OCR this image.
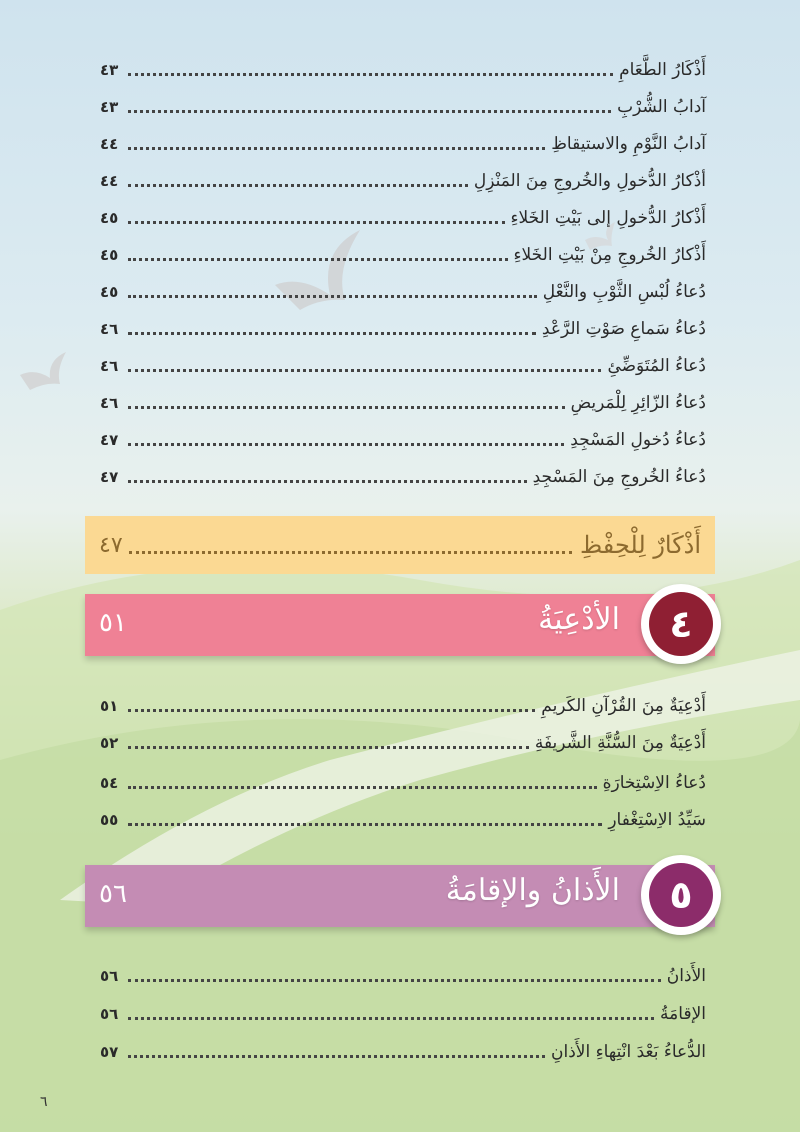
أَذْكَارُ الطَّعَامِ
٤٣
آدابُ الشُّرْبِ
٤٣
آدابُ النَّوْمِ والاستيقاظِ
٤٤
أذْكارُ الدُّخولِ والخُروجِ مِنَ المَنْزِلِ
٤٤
أَذْكارُ الدُّخولِ إلى بَيْتِ الخَلاءِ
٤٥
أَذْكارُ الخُروجِ مِنْ بَيْتِ الخَلاءِ
٤٥
دُعاءُ لُبْسِ الثَّوْبِ والنَّعْلِ
٤٥
دُعاءُ سَماعِ صَوْتِ الرَّعْدِ
٤٦
دُعاءُ المُتَوَضِّئِ
٤٦
دُعاءُ الزّائِرِ لِلْمَريضِ
٤٦
دُعاءُ دُخولِ المَسْجِدِ
٤٧
دُعاءُ الخُروجِ مِنَ المَسْجِدِ
٤٧
أَذْكَارٌ لِلْحِفْظِ
٤٧
الأدْعِيَةُ
٥١	٤
أَدْعِيَةٌ مِنَ القُرْآنِ الكَريمِ
٥١
أَدْعِيَةٌ مِنَ السُّنَّةِ الشَّريفَةِ
٥٢
دُعاءُ الاِسْتِخارَةِ
٥٤
سَيِّدُ الاِسْتِغْفارِ
٥٥
الأَذانُ والإقامَةُ
٥٦	٥
الأَذانُ
٥٦
الإقامَةُ
٥٦
الدُّعاءُ بَعْدَ انْتِهاءِ الأَذانِ
٥٧
٦
